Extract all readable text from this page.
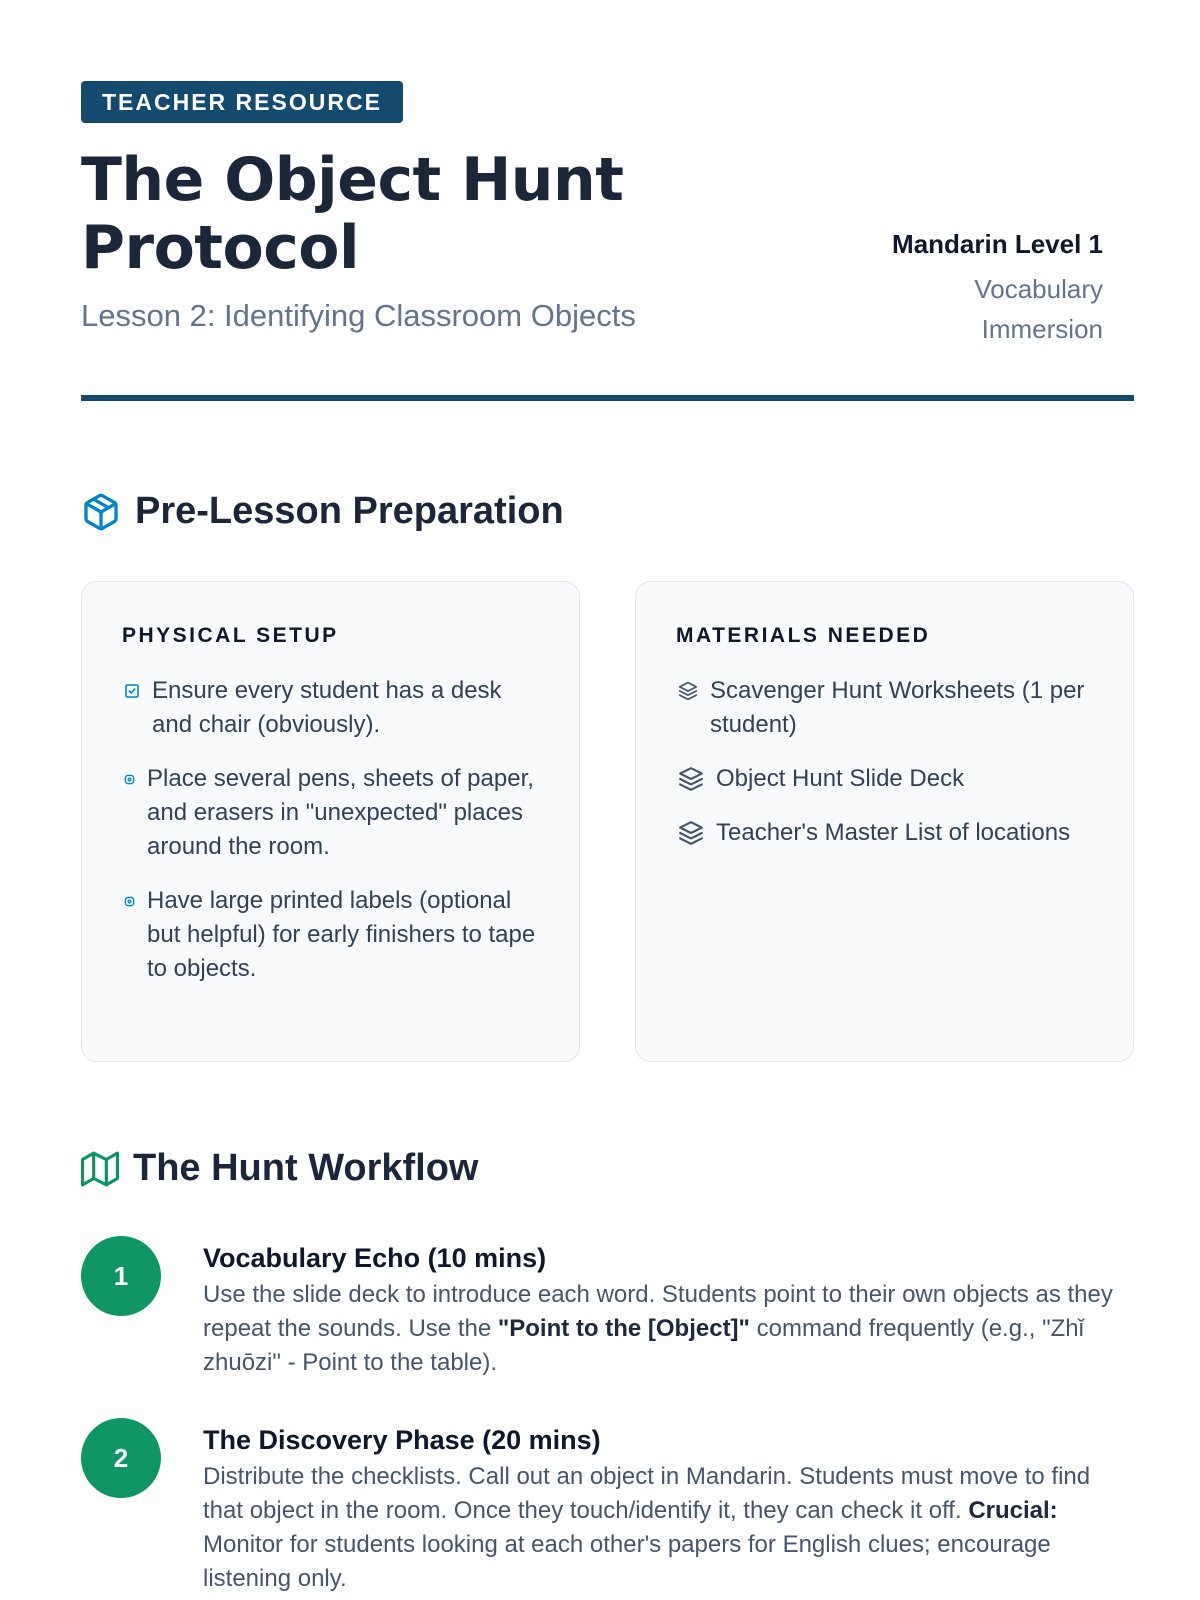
TEACHER RESOURCE
The Object Hunt
Protocol
Lesson 2: Identifying Classroom Objects
Mandarin Level 1
Vocabulary
Immersion
Pre-Lesson Preparation
PHYSICAL SETUP
Ensure every student has a desk and chair (obviously).
Place several pens, sheets of paper, and erasers in "unexpected" places around the room.
Have large printed labels (optional but helpful) for early finishers to tape to objects.
MATERIALS NEEDED
Scavenger Hunt Worksheets (1 per student)
Object Hunt Slide Deck
Teacher's Master List of locations
The Hunt Workflow
1
Vocabulary Echo (10 mins)
Use the slide deck to introduce each word. Students point to their own objects as they repeat the sounds. Use the "Point to the [Object]" command frequently (e.g., "Zhǐ zhuōzi" - Point to the table).
2
The Discovery Phase (20 mins)
Distribute the checklists. Call out an object in Mandarin. Students must move to find that object in the room. Once they touch/identify it, they can check it off. Crucial: Monitor for students looking at each other's papers for English clues; encourage listening only.
